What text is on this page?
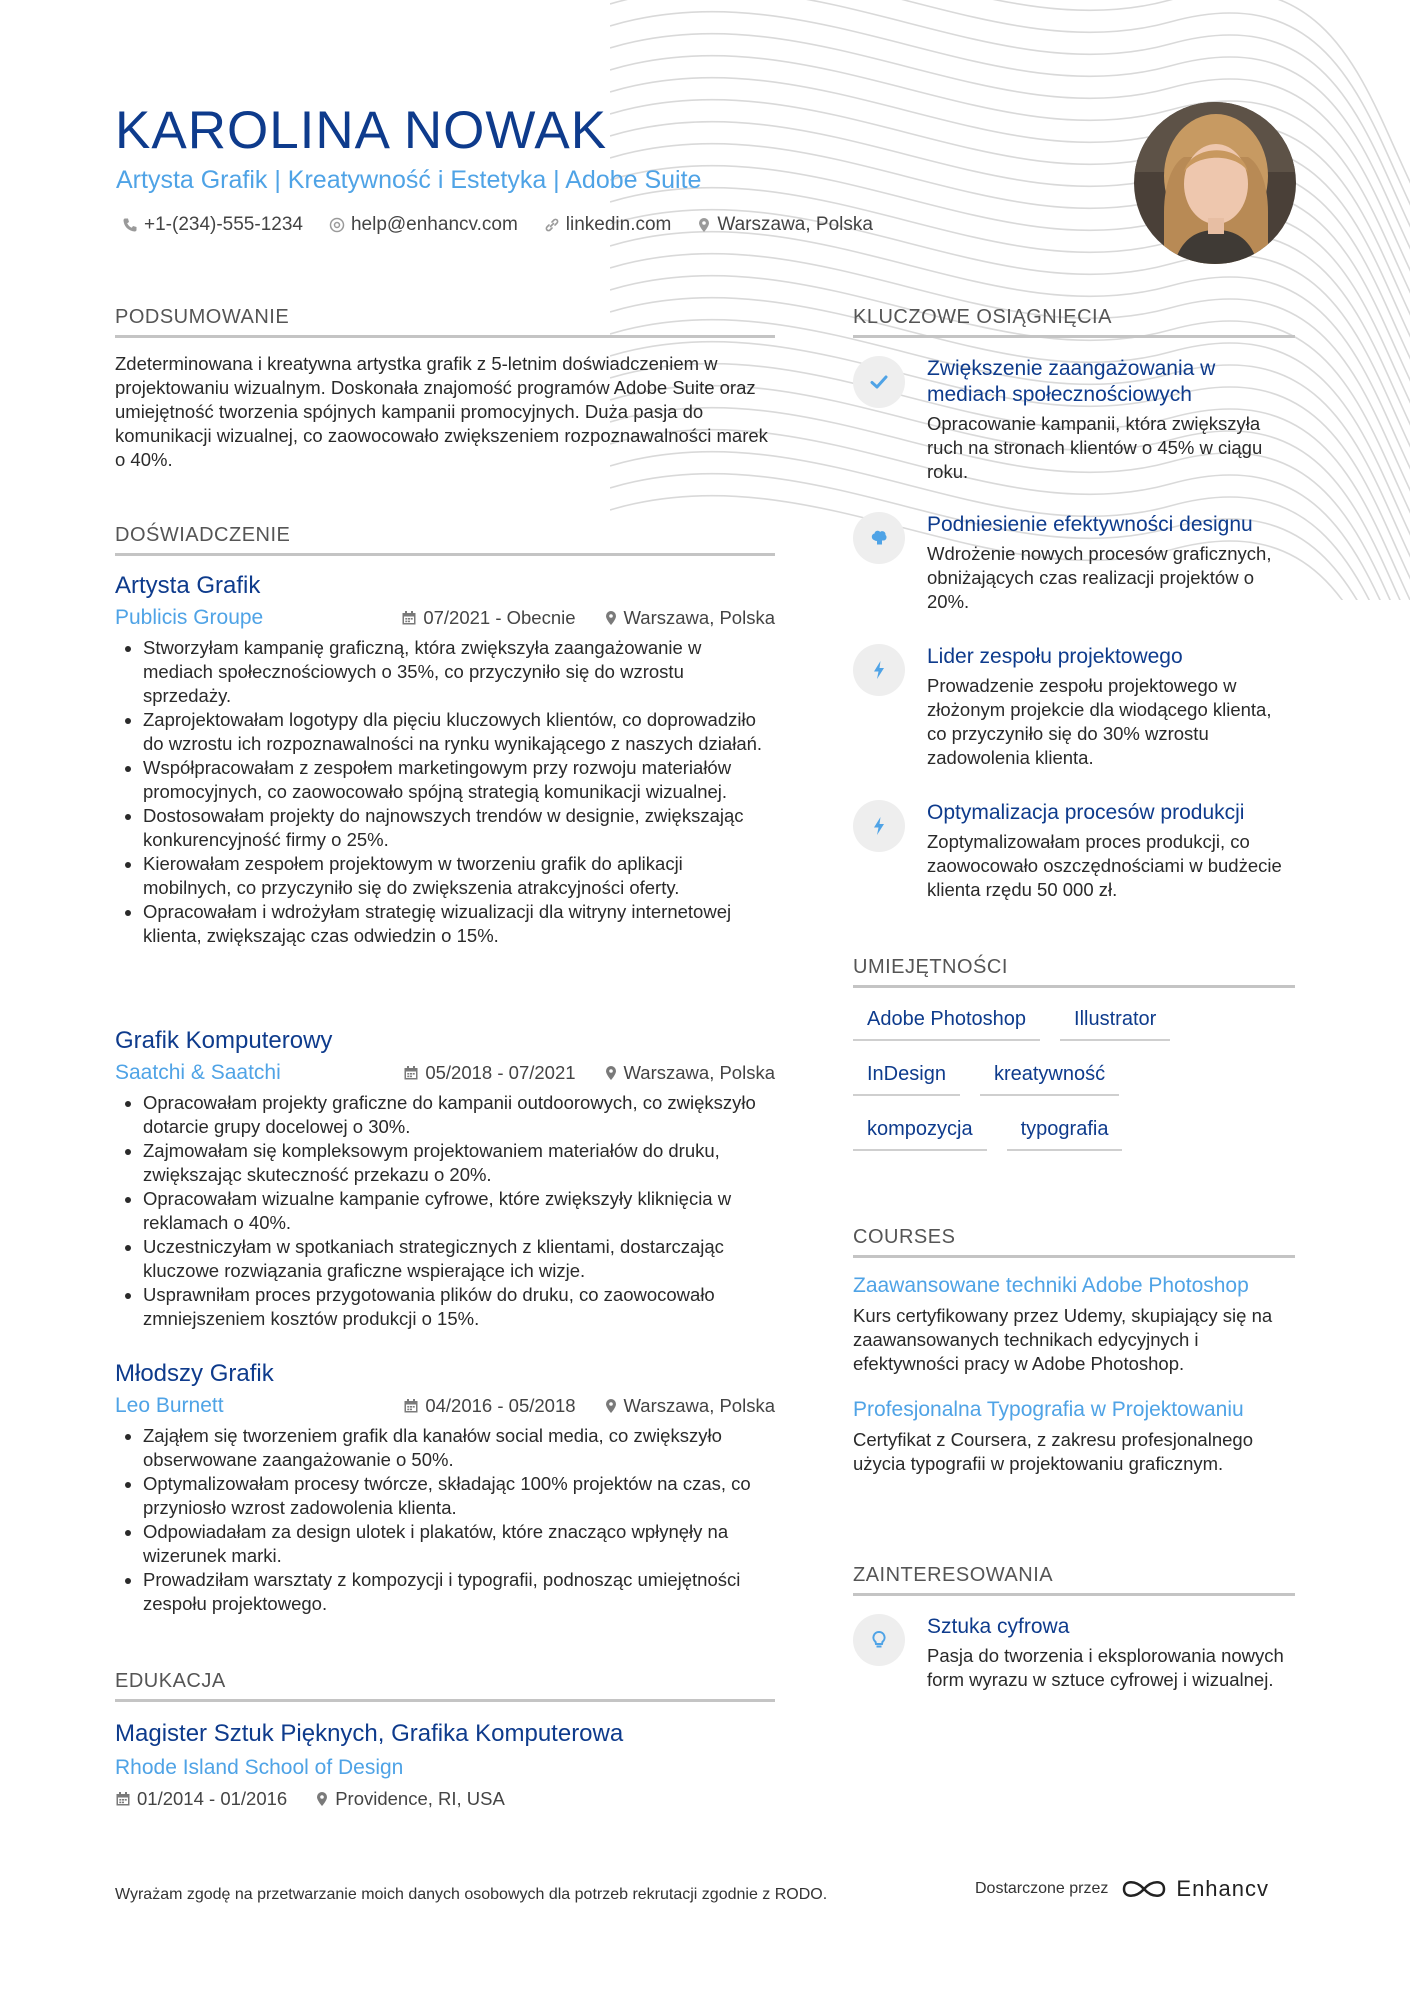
KAROLINA NOWAK
Artysta Grafik | Kreatywność i Estetyka | Adobe Suite
+1-(234)-555-1234	help@enhancv.com	linkedin.com Warszawa, Polska
PODSUMOWANIE
Zdeterminowana i kreatywna artystka grafik z 5-letnim doświadczeniem w projektowaniu wizualnym. Doskonała znajomość programów Adobe Suite oraz umiejętność tworzenia spójnych kampanii promocyjnych. Duża pasja do komunikacji wizualnej, co zaowocowało zwiększeniem rozpoznawalności marek o 40%.
DOŚWIADCZENIE
Artysta Grafik
Publicis Groupe	07/2021 - Obecnie	Warszawa, Polska
• Stworzyłam kampanię graficzną, która zwiększyła zaangażowanie w mediach społecznościowych o 35%, co przyczyniło się do wzrostu sprzedaży.
• Zaprojektowałam logotypy dla pięciu kluczowych klientów, co doprowadziło do wzrostu ich rozpoznawalności na rynku wynikającego z naszych działań.
• Współpracowałam z zespołem marketingowym przy rozwoju materiałów promocyjnych, co zaowocowało spójną strategią komunikacji wizualnej.
• Dostosowałam projekty do najnowszych trendów w designie, zwiększając konkurencyjność firmy o 25%.
• Kierowałam zespołem projektowym w tworzeniu grafik do aplikacji mobilnych, co przyczyniło się do zwiększenia atrakcyjności oferty.
• Opracowałam i wdrożyłam strategię wizualizacji dla witryny internetowej klienta, zwiększając czas odwiedzin o 15%.
Grafik Komputerowy
Saatchi & Saatchi	05/2018 - 07/2021	Warszawa, Polska
• Opracowałam projekty graficzne do kampanii outdoorowych, co zwiększyło dotarcie grupy docelowej o 30%.
• Zajmowałam się kompleksowym projektowaniem materiałów do druku, zwiększając skuteczność przekazu o 20%.
• Opracowałam wizualne kampanie cyfrowe, które zwiększyły kliknięcia w reklamach o 40%.
• Uczestniczyłam w spotkaniach strategicznych z klientami, dostarczając kluczowe rozwiązania graficzne wspierające ich wizje.
• Usprawniłam proces przygotowania plików do druku, co zaowocowało zmniejszeniem kosztów produkcji o 15%.
Młodszy Grafik
Leo Burnett	04/2016 - 05/2018	Warszawa, Polska
• Zająłem się tworzeniem grafik dla kanałów social media, co zwiększyło obserwowane zaangażowanie o 50%.
• Optymalizowałam procesy twórcze, składając 100% projektów na czas, co przyniosło wzrost zadowolenia klienta.
• Odpowiadałam za design ulotek i plakatów, które znacząco wpłynęły na wizerunek marki.
• Prowadziłam warsztaty z kompozycji i typografii, podnosząc umiejętności zespołu projektowego.
EDUKACJA
Magister Sztuk Pięknych, Grafika Komputerowa
Rhode Island School of Design
01/2014 - 01/2016	Providence, RI, USA
KLUCZOWE OSIĄGNIĘCIA
Zwiększenie zaangażowania w mediach społecznościowych
Opracowanie kampanii, która zwiększyła ruch na stronach klientów o 45% w ciągu roku.
Podniesienie efektywności designu
Wdrożenie nowych procesów graficznych, obniżających czas realizacji projektów o 20%.
Lider zespołu projektowego
Prowadzenie zespołu projektowego w złożonym projekcie dla wiodącego klienta, co przyczyniło się do 30% wzrostu zadowolenia klienta.
Optymalizacja procesów produkcji
Zoptymalizowałam proces produkcji, co zaowocowało oszczędnościami w budżecie klienta rzędu 50 000 zł.
UMIEJĘTNOŚCI
Adobe Photoshop Illustrator
InDesign kreatywność
kompozycja typografia
COURSES
Zaawansowane techniki Adobe Photoshop
Kurs certyfikowany przez Udemy, skupiający się na zaawansowanych technikach edycyjnych i efektywności pracy w Adobe Photoshop.
Profesjonalna Typografia w Projektowaniu
Certyfikat z Coursera, z zakresu profesjonalnego użycia typografii w projektowaniu graficznym.
ZAINTERESOWANIA
Sztuka cyfrowa
Pasja do tworzenia i eksplorowania nowych form wyrazu w sztuce cyfrowej i wizualnej.
Wyrażam zgodę na przetwarzanie moich danych osobowych dla potrzeb rekrutacji zgodnie z RODO.	Dostarczone przez	Enhancv
